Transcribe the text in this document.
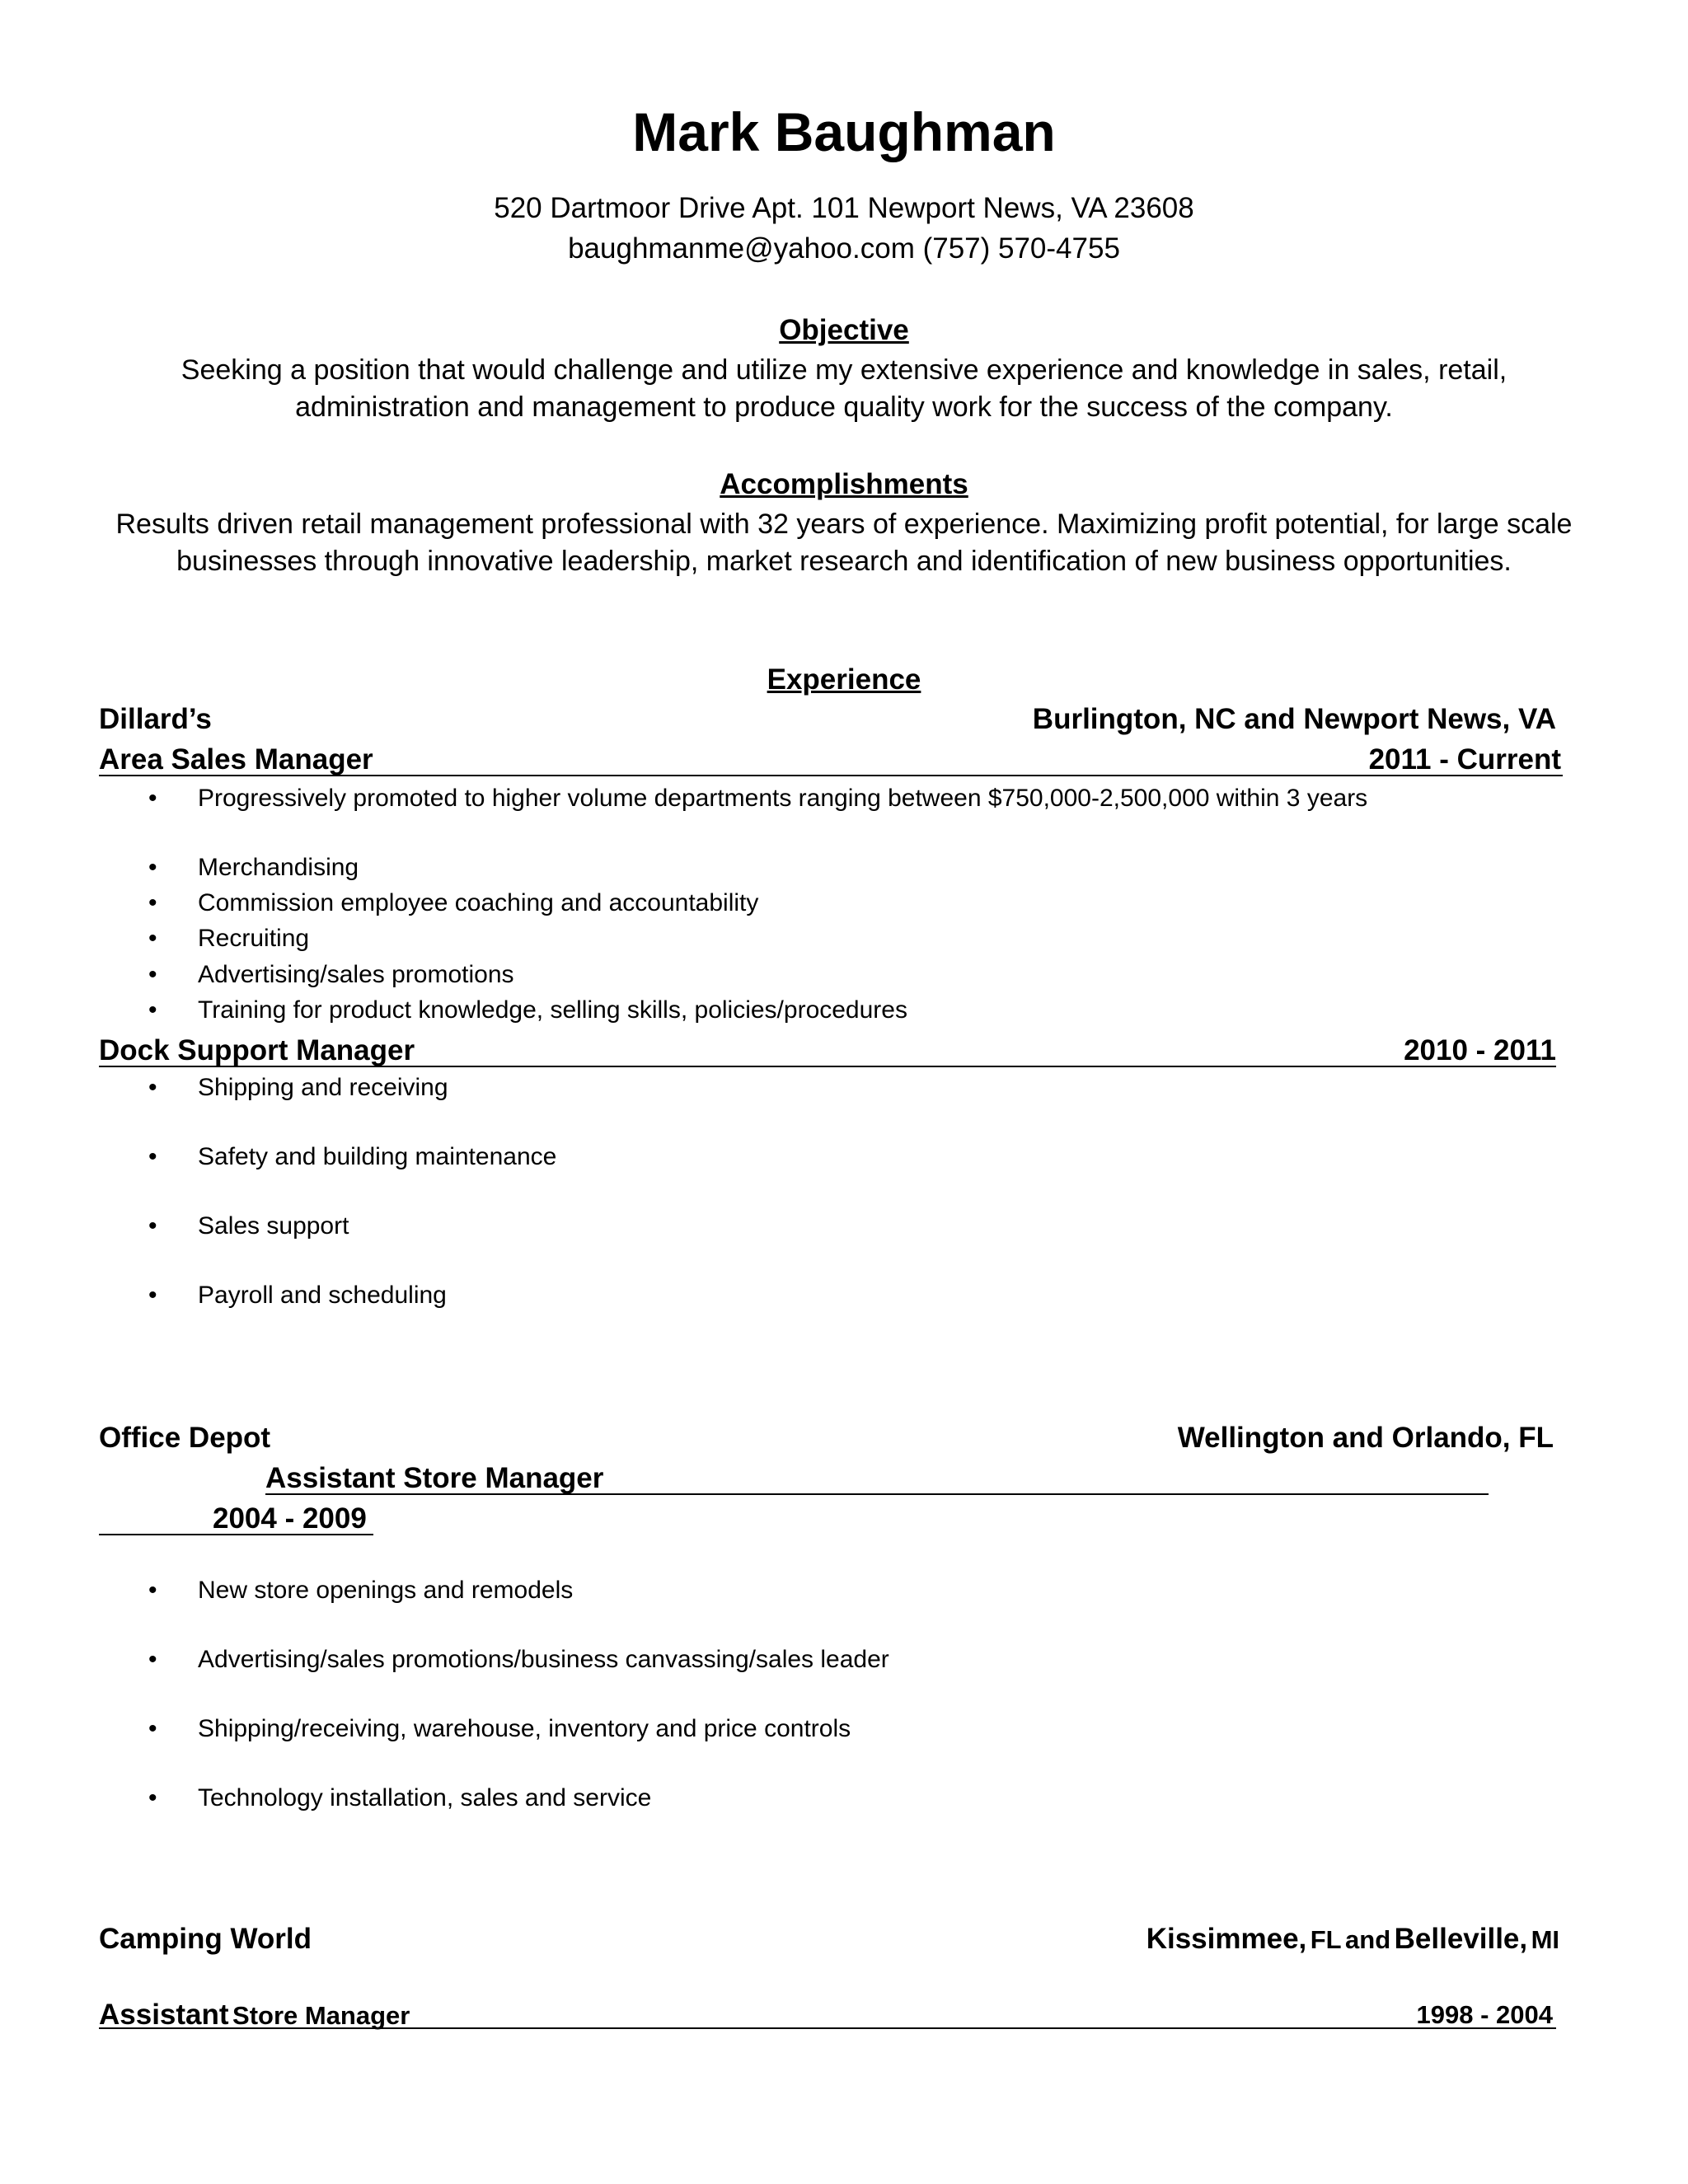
Mark Baughman
520 Dartmoor Drive Apt. 101 Newport News, VA 23608
baughmanme@yahoo.com (757) 570-4755
Objective
Seeking a position that would challenge and utilize my extensive experience and knowledge in sales, retail,
administration and management to produce quality work for the success of the company.
Accomplishments
Results driven retail management professional with 32 years of experience. Maximizing profit potential, for large scale
businesses through innovative leadership, market research and identification of new business opportunities.
Experience
Dillard’s	Burlington, NC and Newport News, VA
Area Sales Manager	2011 - Current
• Progressively promoted to higher volume departments ranging between $750,000-2,500,000 within 3 years
• Merchandising
• Commission employee coaching and accountability
• Recruiting
• Advertising/sales promotions
• Training for product knowledge, selling skills, policies/procedures
Dock Support Manager	2010 - 2011
• Shipping and receiving
• Safety and building maintenance
• Sales support
• Payroll and scheduling
Office Depot	Wellington and Orlando, FL
Assistant Store Manager
2004 - 2009
• New store openings and remodels
• Advertising/sales promotions/business canvassing/sales leader
• Shipping/receiving, warehouse, inventory and price controls
• Technology installation, sales and service
Camping World	Kissimmee, FL and Belleville, MI
Assistant Store Manager	1998 - 2004
